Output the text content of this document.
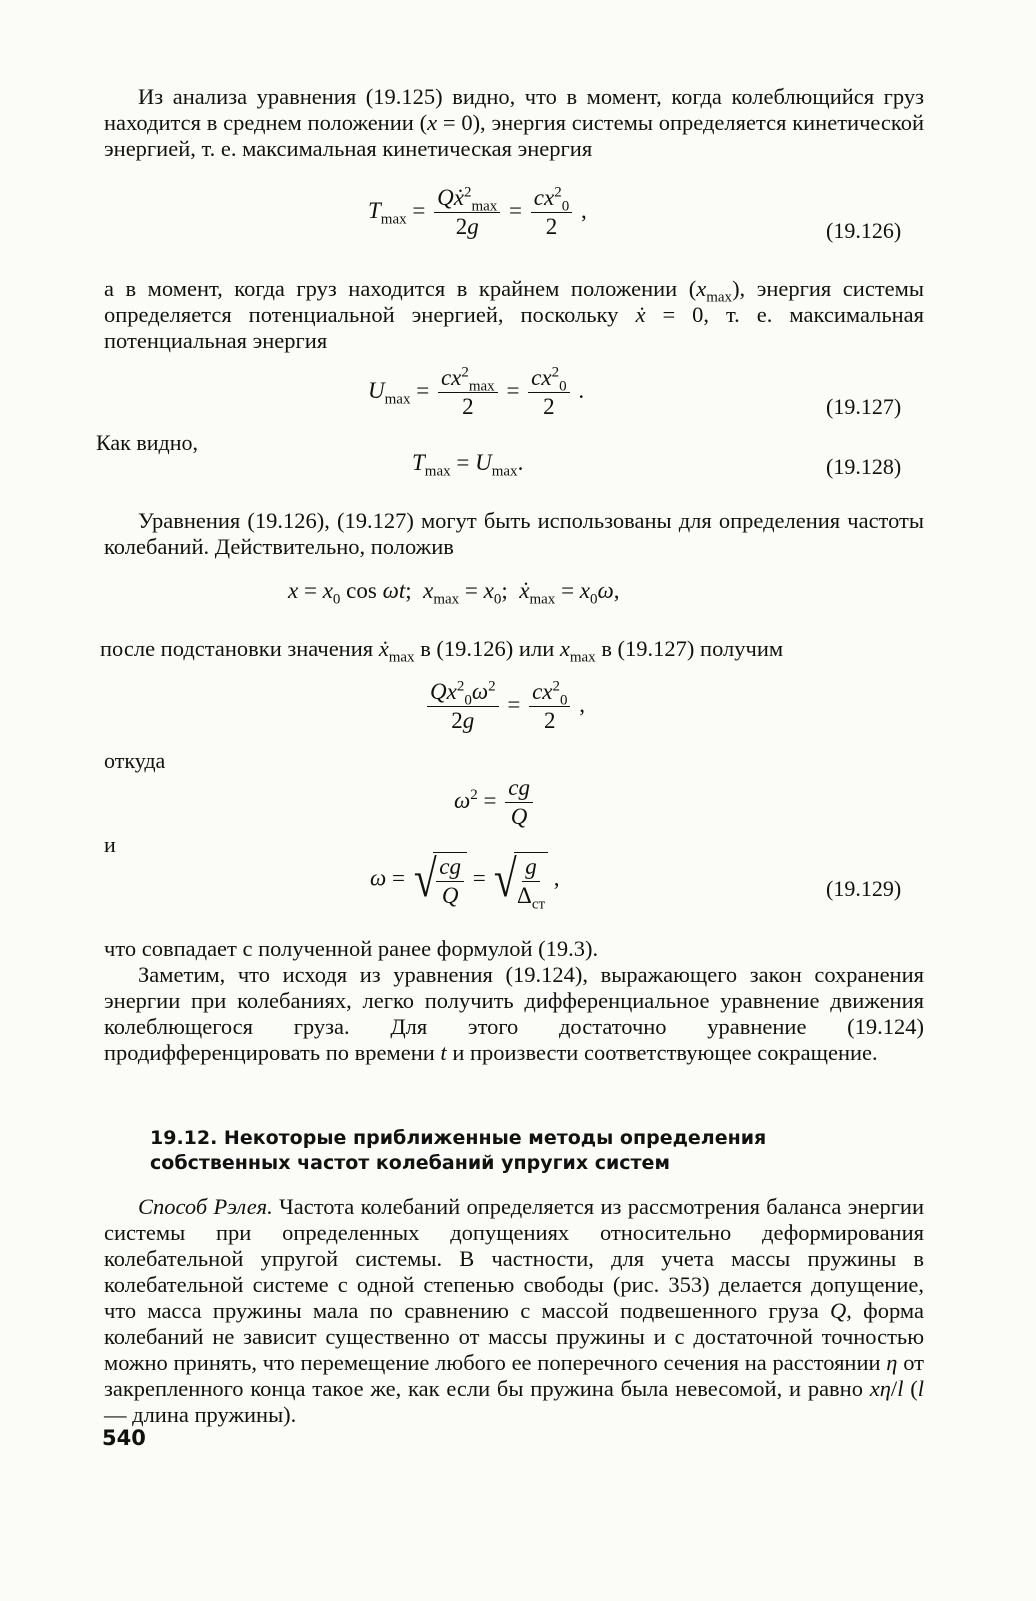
Из анализа уравнения (19.125) видно, что в момент, когда колеблющийся груз находится в среднем положении (x = 0), энергия системы определяется кинетической энергией, т. е. максимальная кинетическая энергия
$T_{max} = \frac{Qẋ^2_{max}}{2g} = \frac{cx^2_0}{2}$ ,
(19.126)
а в момент, когда груз находится в крайнем положении $(x_{max})$, энергия системы определяется потенциальной энергией, поскольку ẋ = 0, т. е. максимальная потенциальная энергия
$U_{max} = \frac{cx^2_{max}}{2} = \frac{cx^2_0}{2}$ .
(19.127)
Как видно,
$T_{max} = U_{max}$.	(19.128)
Уравнения (19.126), (19.127) могут быть использованы для определения частоты колебаний. Действительно, положив
$x = x_0$ cos ωt;  $x_{max} = x_0$;  ẋ$_{max}$ = $x_0\omega$,
после подстановки значения ẋ$_{max}$ в (19.126) или $x_{max}$ в (19.127) получим
$\frac{Qx^2_0\omega^2}{2g} = \frac{cx^2_0}{2}$ ,
откуда
$\omega^2 = \frac{cg}{Q}$
и
ω = √ $\frac{cg}{Q}$ = √ $\frac{g}{\Delta_{ст}}$ ,	(19.129)
что совпадает с полученной ранее формулой (19.3).
Заметим, что исходя из уравнения (19.124), выражающего закон сохранения энергии при колебаниях, легко получить дифференциальное уравнение движения колеблющегося груза. Для этого достаточно уравнение (19.124) продифференцировать по времени t и произвести соответствующее сокращение.
19.12. Некоторые приближенные методы определения
собственных частот колебаний упругих систем
Способ Рэлея. Частота колебаний определяется из рассмотрения баланса энергии системы при определенных допущениях относительно деформирования колебательной упругой системы. В частности, для учета массы пружины в колебательной системе с одной степенью свободы (рис. 353) делается допущение, что масса пружины мала по сравнению с массой подвешенного груза Q, форма колебаний не зависит существенно от массы пружины и с достаточной точностью можно принять, что перемещение любого ее поперечного сечения на расстоянии η от закрепленного конца такое же, как если бы пружина была невесомой, и равно xη/l (l — длина пружины).
540
